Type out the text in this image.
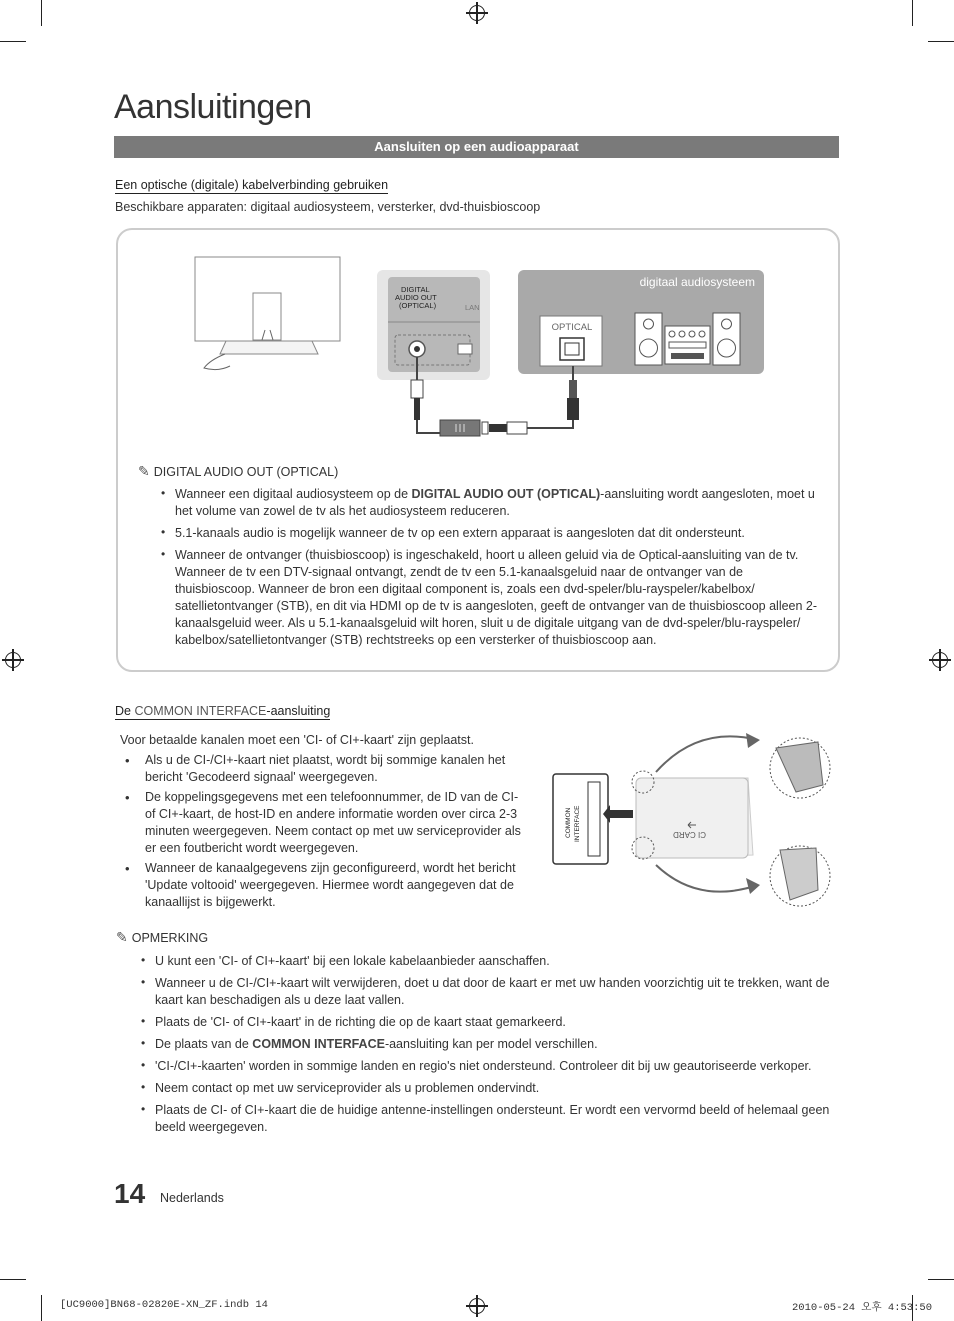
Aansluitingen
Aansluiten op een audioapparaat
Een optische (digitale) kabelverbinding gebruiken
Beschikbare apparaten: digitaal audiosysteem, versterker, dvd-thuisbioscoop
DIGITAL
AUDIO OUT
(OPTICAL)	LAN
digitaal audiosysteem
OPTICAL
✎ DIGITAL AUDIO OUT (OPTICAL)
• Wanneer een digitaal audiosysteem op de DIGITAL AUDIO OUT (OPTICAL)-aansluiting wordt aangesloten, moet u het volume van zowel de tv als het audiosysteem reduceren.
• 5.1-kanaals audio is mogelijk wanneer de tv op een extern apparaat is aangesloten dat dit ondersteunt.
• Wanneer de ontvanger (thuisbioscoop) is ingeschakeld, hoort u alleen geluid via de Optical-aansluiting van de tv. Wanneer de tv een DTV-signaal ontvangt, zendt de tv een 5.1-kanaalsgeluid naar de ontvanger van de thuisbioscoop. Wanneer de bron een digitaal component is, zoals een dvd-speler/blu-rayspeler/kabelbox/ satellietontvanger (STB), en dit via HDMI op de tv is aangesloten, geeft de ontvanger van de thuisbioscoop alleen 2-kanaalsgeluid weer. Als u 5.1-kanaalsgeluid wilt horen, sluit u de digitale uitgang van de dvd-speler/blu-rayspeler/ kabelbox/satellietontvanger (STB) rechtstreeks op een versterker of thuisbioscoop aan.
De COMMON INTERFACE-aansluiting
Voor betaalde kanalen moet een 'CI- of CI+-kaart' zijn geplaatst.
• Als u de CI-/CI+-kaart niet plaatst, wordt bij sommige kanalen het bericht 'Gecodeerd signaal' weergegeven.
• De koppelingsgegevens met een telefoonnummer, de ID van de CI- of CI+-kaart, de host-ID en andere informatie worden over circa 2-3 minuten weergegeven. Neem contact op met uw serviceprovider als er een foutbericht wordt weergegeven.
• Wanneer de kanaalgegevens zijn geconfigureerd, wordt het bericht 'Update voltooid' weergegeven. Hiermee wordt aangegeven dat de kanaallijst is bijgewerkt.
COMMON INTERFACE	CI CARD
✎ OPMERKING
• U kunt een 'CI- of CI+-kaart' bij een lokale kabelaanbieder aanschaffen.
• Wanneer u de CI-/CI+-kaart wilt verwijderen, doet u dat door de kaart er met uw handen voorzichtig uit te trekken, want de kaart kan beschadigen als u deze laat vallen.
• Plaats de 'CI- of CI+-kaart' in de richting die op de kaart staat gemarkeerd.
• De plaats van de COMMON INTERFACE-aansluiting kan per model verschillen.
• 'CI-/CI+-kaarten' worden in sommige landen en regio's niet ondersteund. Controleer dit bij uw geautoriseerde verkoper.
• Neem contact op met uw serviceprovider als u problemen ondervindt.
• Plaats de CI- of CI+-kaart die de huidige antenne-instellingen ondersteunt. Er wordt een vervormd beeld of helemaal geen beeld weergegeven.
14 Nederlands
[UC9000]BN68-02820E-XN_ZF.indb 14	2010-05-24 오후 4:53:50
